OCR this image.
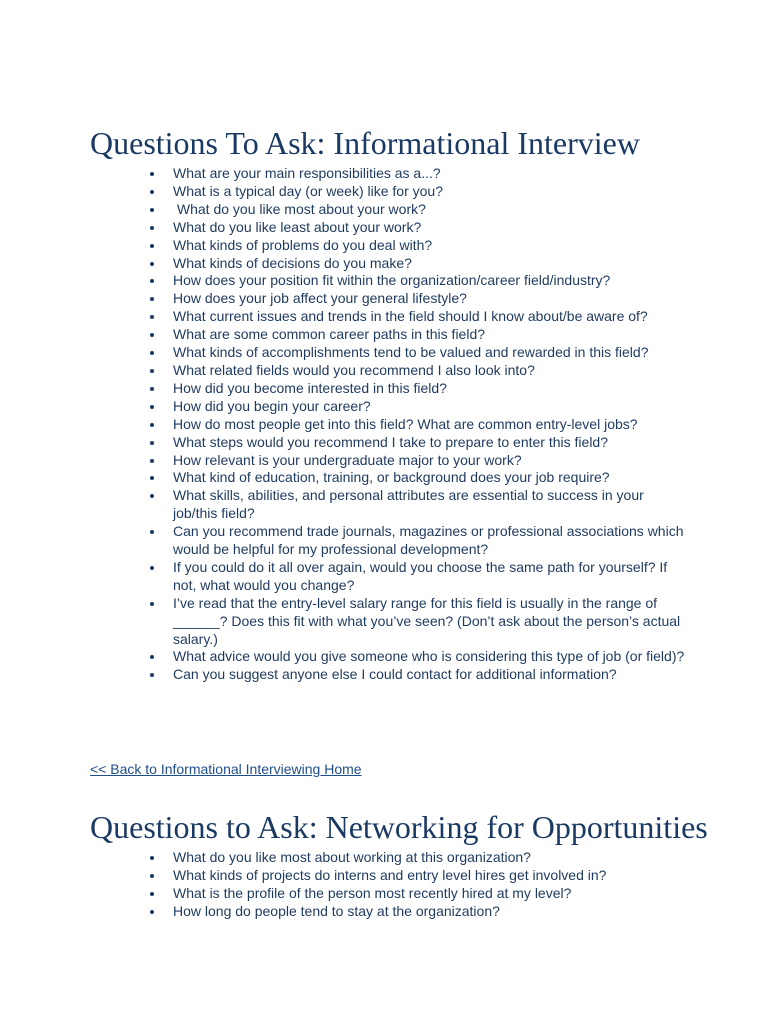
Questions To Ask: Informational Interview
What are your main responsibilities as a...?
What is a typical day (or week) like for you?
What do you like most about your work?
What do you like least about your work?
What kinds of problems do you deal with?
What kinds of decisions do you make?
How does your position fit within the organization/career field/industry?
How does your job affect your general lifestyle?
What current issues and trends in the field should I know about/be aware of?
What are some common career paths in this field?
What kinds of accomplishments tend to be valued and rewarded in this field?
What related fields would you recommend I also look into?
How did you become interested in this field?
How did you begin your career?
How do most people get into this field? What are common entry-level jobs?
What steps would you recommend I take to prepare to enter this field?
How relevant is your undergraduate major to your work?
What kind of education, training, or background does your job require?
What skills, abilities, and personal attributes are essential to success in your job/this field?
Can you recommend trade journals, magazines or professional associations which would be helpful for my professional development?
If you could do it all over again, would you choose the same path for yourself? If not, what would you change?
I’ve read that the entry-level salary range for this field is usually in the range of ______? Does this fit with what you’ve seen? (Don’t ask about the person’s actual salary.)
What advice would you give someone who is considering this type of job (or field)?
Can you suggest anyone else I could contact for additional information?
<< Back to Informational Interviewing Home
Questions to Ask: Networking for Opportunities
What do you like most about working at this organization?
What kinds of projects do interns and entry level hires get involved in?
What is the profile of the person most recently hired at my level?
How long do people tend to stay at the organization?
